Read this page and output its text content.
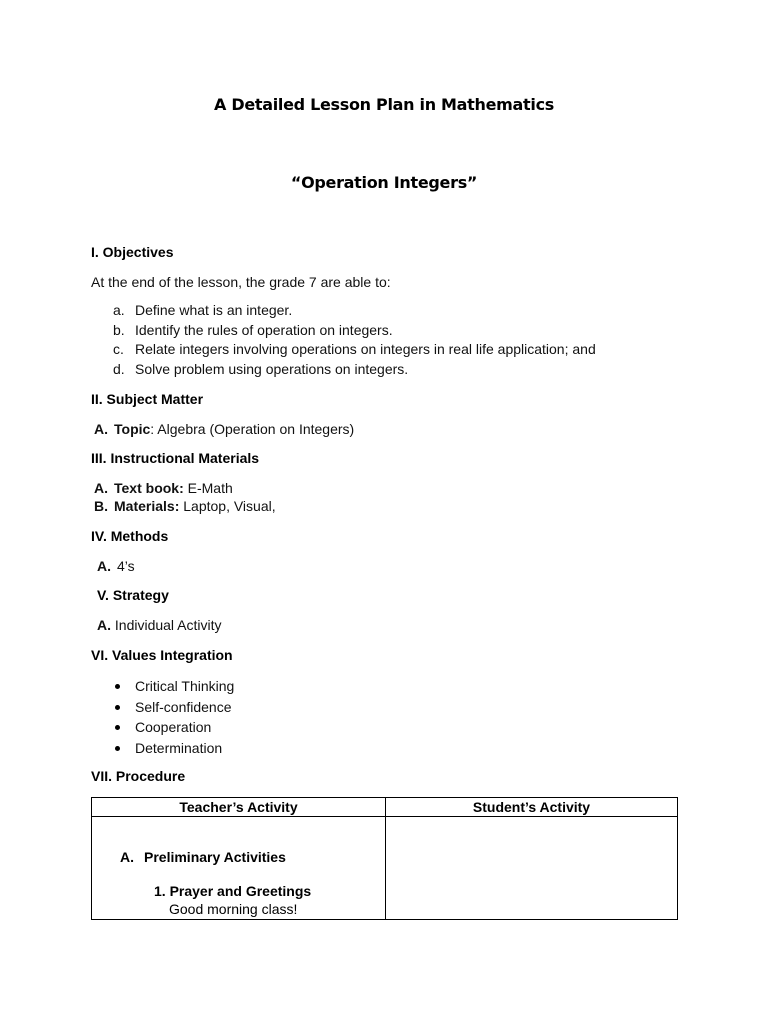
A Detailed Lesson Plan in Mathematics
“Operation Integers”
I. Objectives
At the end of the lesson, the grade 7 are able to:
a. Define what is an integer.
b. Identify the rules of operation on integers.
c. Relate integers involving operations on integers in real life application; and
d. Solve problem using operations on integers.
II. Subject Matter
A. Topic: Algebra (Operation on Integers)
III. Instructional Materials
A. Text book: E-Math
B. Materials: Laptop, Visual,
IV. Methods
A. 4’s
V. Strategy
A. Individual Activity
VI. Values Integration
Critical Thinking
Self-confidence
Cooperation
Determination
VII. Procedure
Teacher’s Activity	Student’s Activity

A. Preliminary Activities
1. Prayer and Greetings
Good morning class!	
